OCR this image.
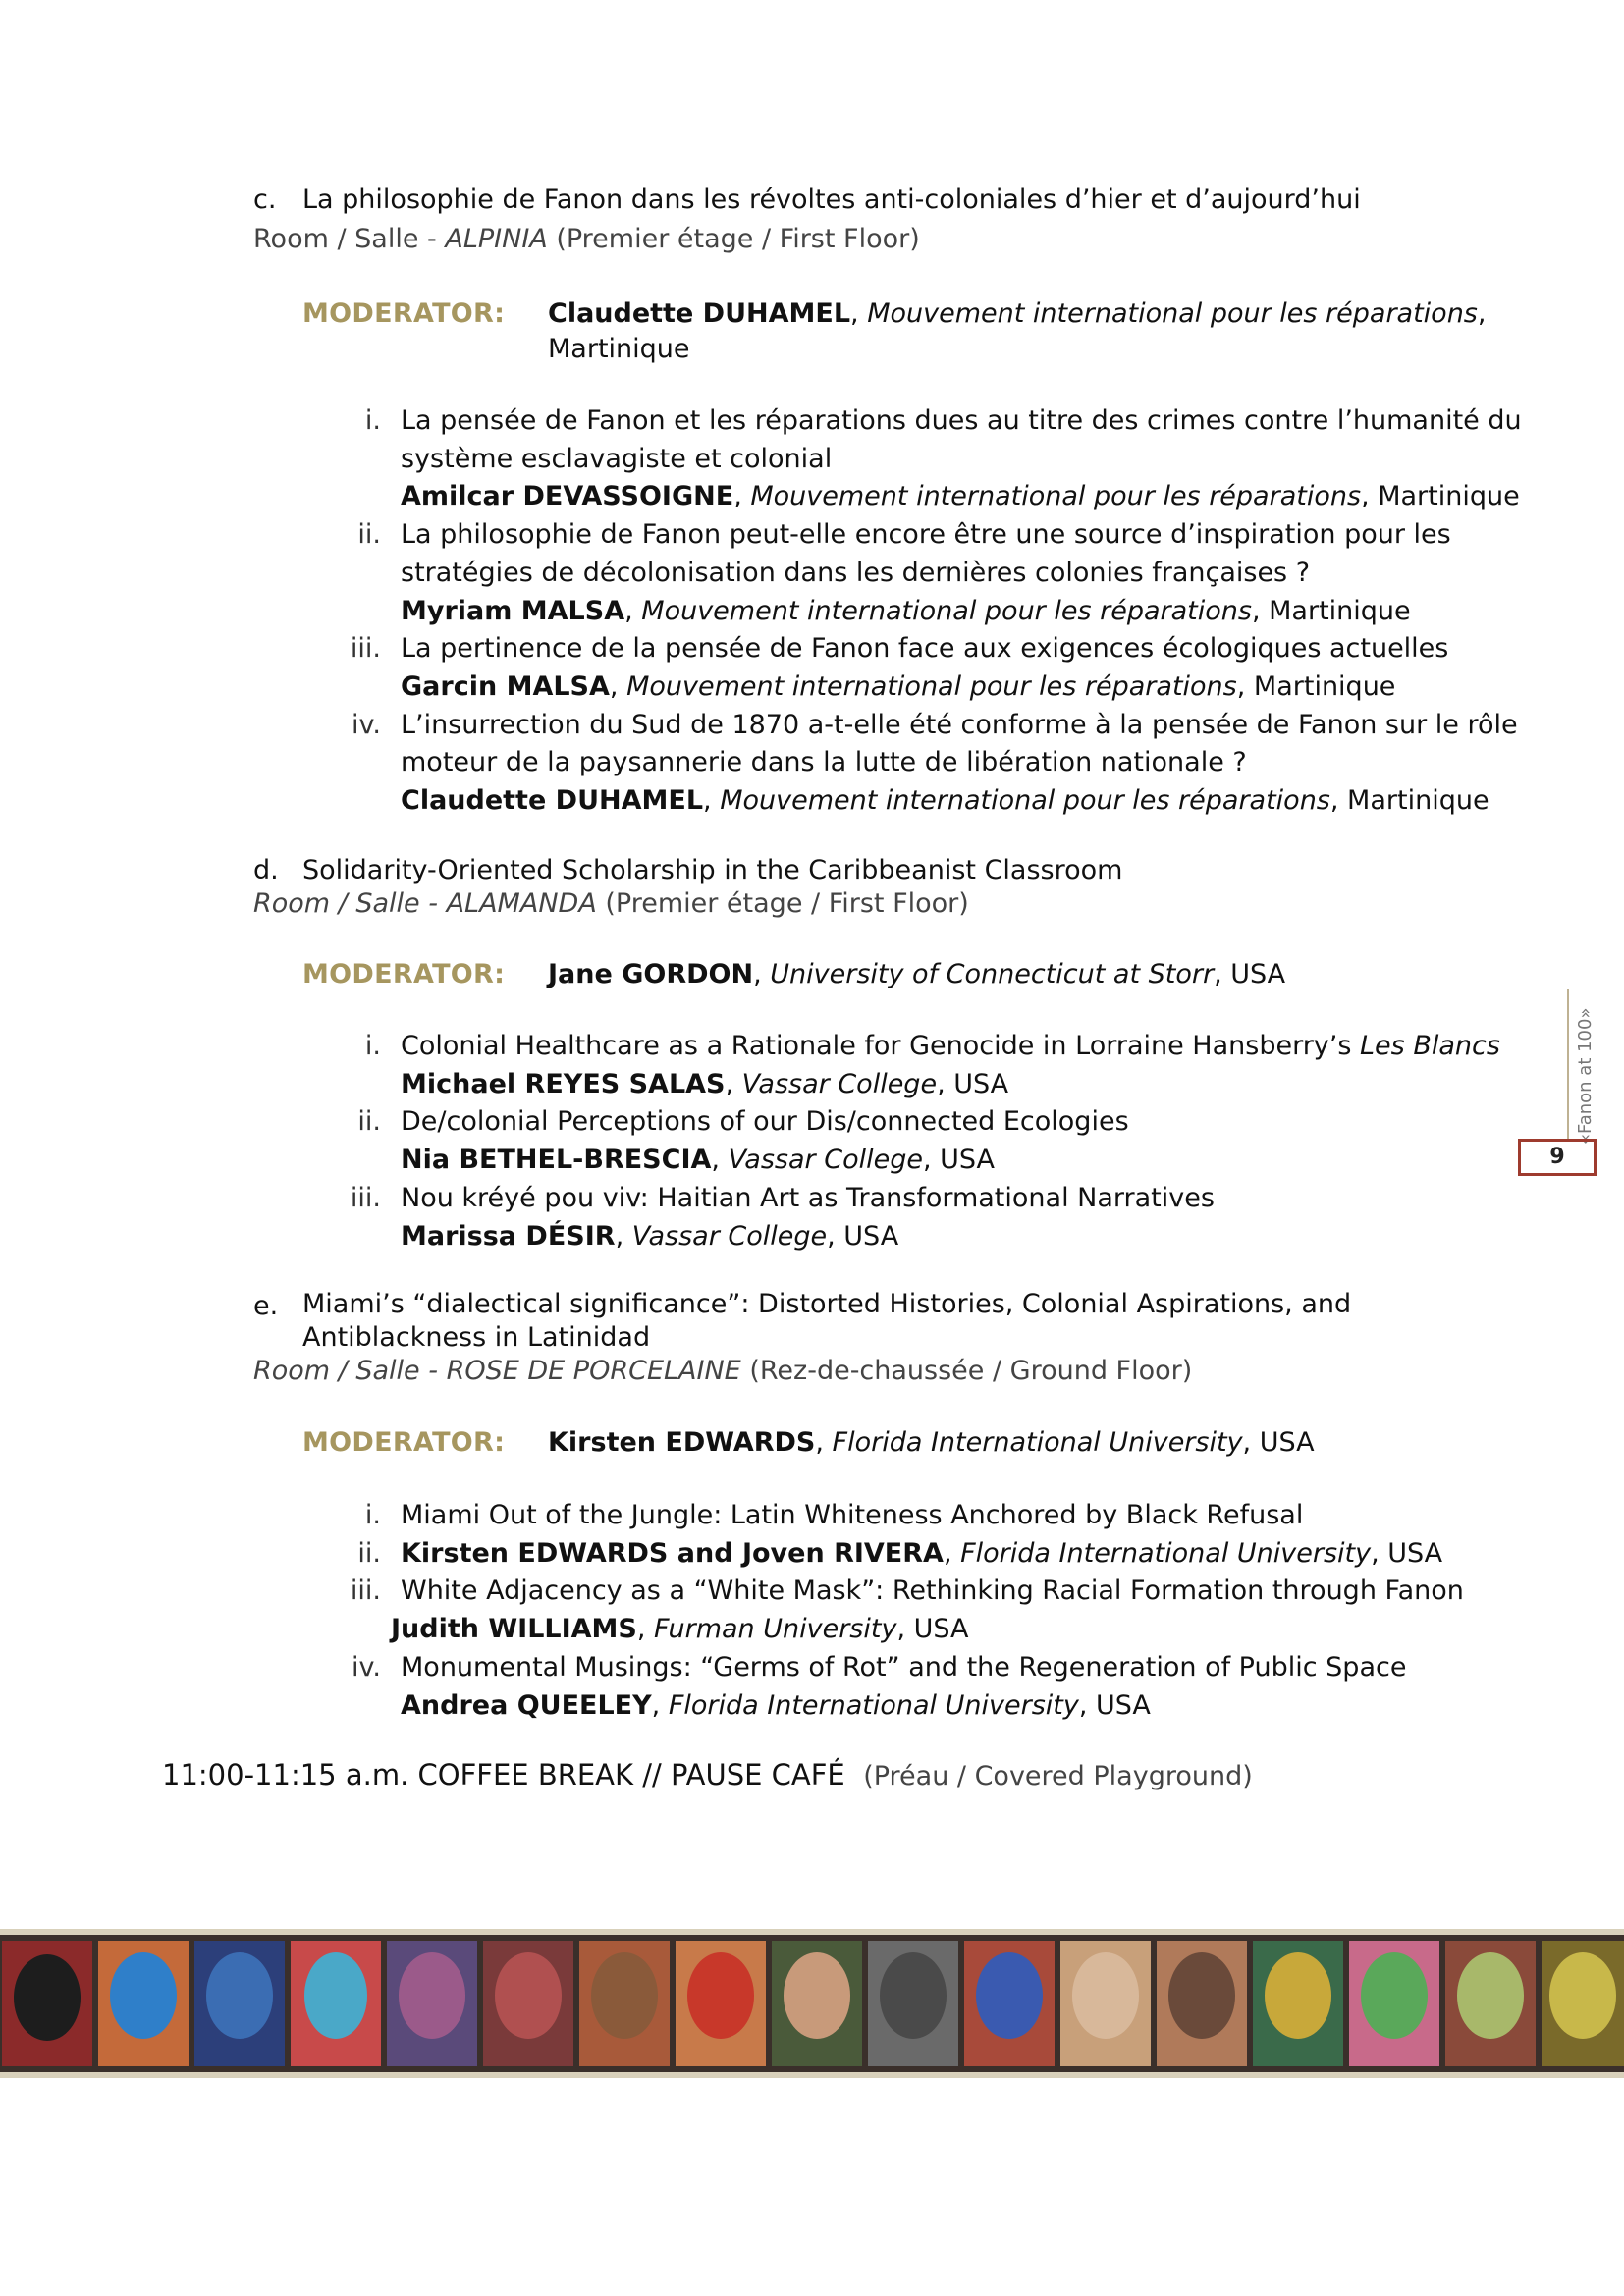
c. La philosophie de Fanon dans les révoltes anti-coloniales d’hier et d’aujourd’hui
Room / Salle - ALPINIA (Premier étage / First Floor)
MODERATOR: Claudette DUHAMEL, Mouvement international pour les réparations, Martinique
i. La pensée de Fanon et les réparations dues au titre des crimes contre l’humanité du système esclavagiste et colonial
Amilcar DEVASSOIGNE, Mouvement international pour les réparations, Martinique
ii. La philosophie de Fanon peut-elle encore être une source d’inspiration pour les stratégies de décolonisation dans les dernières colonies françaises ?
Myriam MALSA, Mouvement international pour les réparations, Martinique
iii. La pertinence de la pensée de Fanon face aux exigences écologiques actuelles
Garcin MALSA, Mouvement international pour les réparations, Martinique
iv. L’insurrection du Sud de 1870 a-t-elle été conforme à la pensée de Fanon sur le rôle moteur de la paysannerie dans la lutte de libération nationale ?
Claudette DUHAMEL, Mouvement international pour les réparations, Martinique
d. Solidarity-Oriented Scholarship in the Caribbeanist Classroom
Room / Salle - ALAMANDA (Premier étage / First Floor)
MODERATOR: Jane GORDON, University of Connecticut at Storr, USA
i. Colonial Healthcare as a Rationale for Genocide in Lorraine Hansberry’s Les Blancs
Michael REYES SALAS, Vassar College, USA
ii. De/colonial Perceptions of our Dis/connected Ecologies
Nia BETHEL-BRESCIA, Vassar College, USA
iii. Nou kréyé pou viv: Haitian Art as Transformational Narratives
Marissa DÉSIR, Vassar College, USA
e. Miami’s “dialectical significance”: Distorted Histories, Colonial Aspirations, and Antiblackness in Latinidad
Room / Salle - ROSE DE PORCELAINE (Rez-de-chaussée / Ground Floor)
MODERATOR: Kirsten EDWARDS, Florida International University, USA
i. Miami Out of the Jungle: Latin Whiteness Anchored by Black Refusal
ii. Kirsten EDWARDS and Joven RIVERA, Florida International University, USA
iii. White Adjacency as a “White Mask”: Rethinking Racial Formation through Fanon
Judith WILLIAMS, Furman University, USA
iv. Monumental Musings: “Germs of Rot” and the Regeneration of Public Space
Andrea QUEELEY, Florida International University, USA
11:00-11:15 a.m. COFFEE BREAK // PAUSE CAFÉ (Préau / Covered Playground)
«Fanon at 100»
9
